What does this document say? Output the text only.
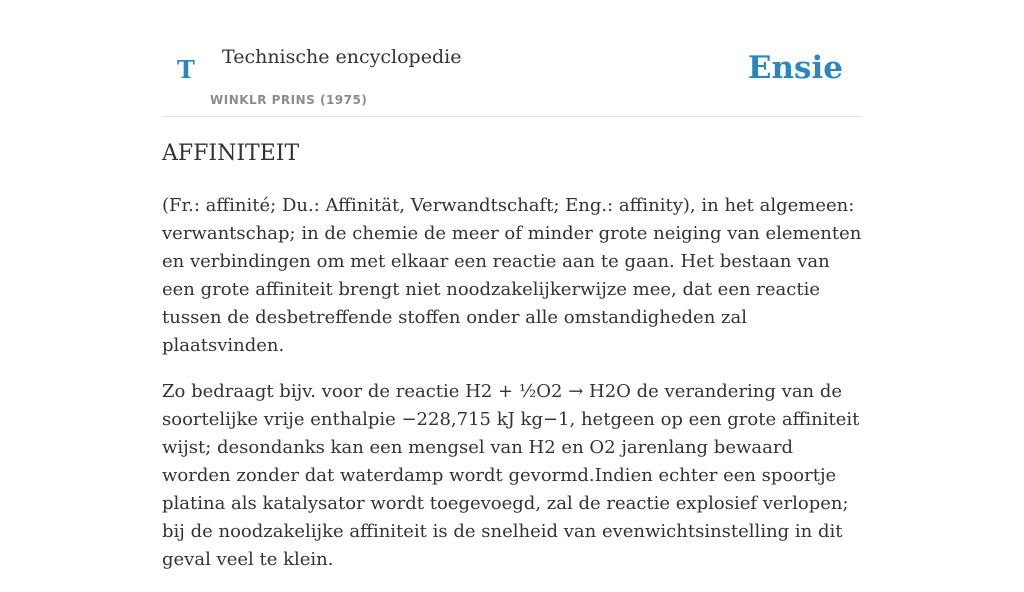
T Technische encyclopedie
WINKLR PRINS (1975)
Ensie
AFFINITEIT

(Fr.: affinité; Du.: Affinität, Verwandtschaft; Eng.: affinity), in het algemeen: verwantschap; in de chemie de meer of minder grote neiging van elementen en verbindingen om met elkaar een reactie aan te gaan. Het bestaan van een grote affiniteit brengt niet noodzakelijkerwijze mee, dat een reactie tussen de desbetreffende stoffen onder alle omstandigheden zal plaatsvinden.

Zo bedraagt bijv. voor de reactie H2 + ½O2 → H2O de verandering van de soortelijke vrije enthalpie −228,715 kJ kg−1, hetgeen op een grote affiniteit wijst; desondanks kan een mengsel van H2 en O2 jarenlang bewaard worden zonder dat waterdamp wordt gevormd.Indien echter een spoortje platina als katalysator wordt toegevoegd, zal de reactie explosief verlopen; bij de noodzakelijke affiniteit is de snelheid van evenwichtsinstelling in dit geval veel te klein.
